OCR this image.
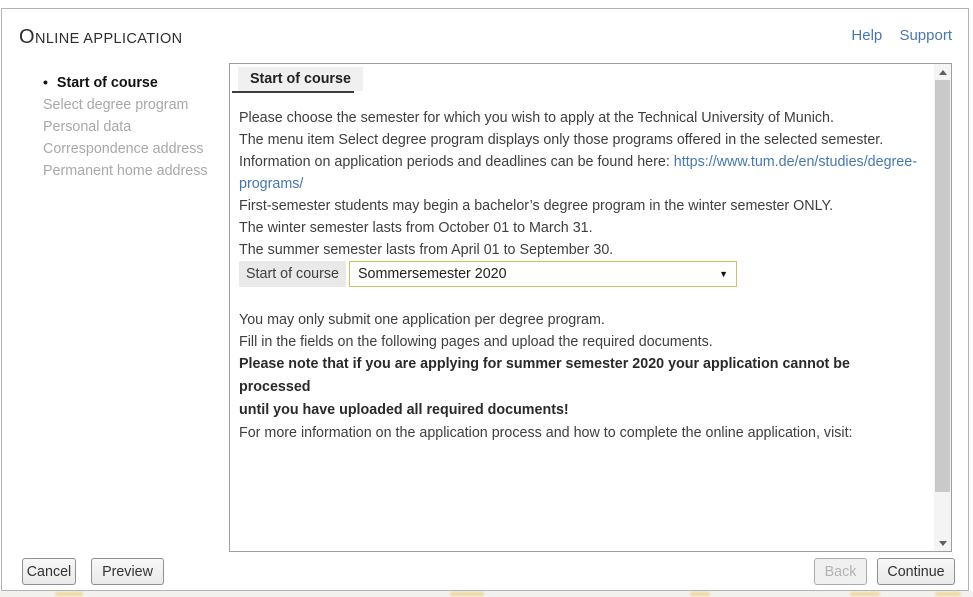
ONLINE APPLICATION	Help Support
• Start of course
Select degree program
Personal data
Correspondence address
Permanent home address
Start of course

Please choose the semester for which you wish to apply at the Technical University of Munich.
The menu item Select degree program displays only those programs offered in the selected semester.

Information on application periods and deadlines can be found here: https://www.tum.de/en/studies/degree-
programs/

First-semester students may begin a bachelor’s degree program in the winter semester ONLY.

The winter semester lasts from October 01 to March 31.
The summer semester lasts from April 01 to September 30.

Start of course	Sommersemester 2020	▼

You may only submit one application per degree program.
Fill in the fields on the following pages and upload the required documents.

Please note that if you are applying for summer semester 2020 your application cannot be processed
until you have uploaded all required documents!

For more information on the application process and how to complete the online application, visit:

Cancel	Preview	Back	Continue
